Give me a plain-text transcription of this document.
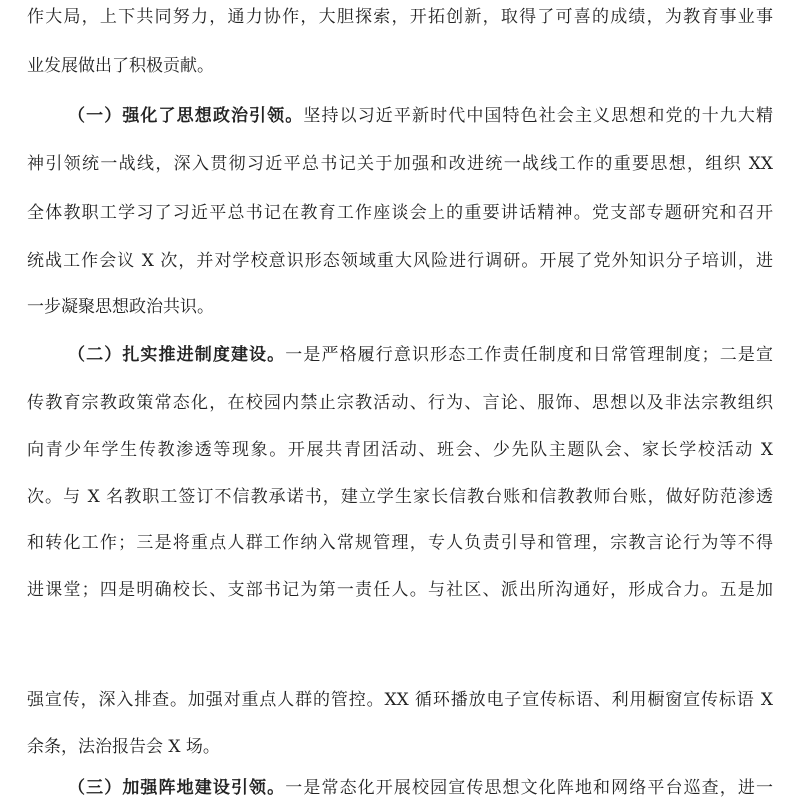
作大局，上下共同努力，通力协作，大胆探索，开拓创新，取得了可喜的成绩，为教育事业事
业发展做出了积极贡献。
（一）强化了思想政治引领。坚持以习近平新时代中国特色社会主义思想和党的十九大精
神引领统一战线，深入贯彻习近平总书记关于加强和改进统一战线工作的重要思想，组织 XX
全体教职工学习了习近平总书记在教育工作座谈会上的重要讲话精神。党支部专题研究和召开
统战工作会议 X 次，并对学校意识形态领域重大风险进行调研。开展了党外知识分子培训，进
一步凝聚思想政治共识。
（二）扎实推进制度建设。一是严格履行意识形态工作责任制度和日常管理制度；二是宣
传教育宗教政策常态化，在校园内禁止宗教活动、行为、言论、服饰、思想以及非法宗教组织
向青少年学生传教渗透等现象。开展共青团活动、班会、少先队主题队会、家长学校活动 X
次。与 X 名教职工签订不信教承诺书，建立学生家长信教台账和信教教师台账，做好防范渗透
和转化工作；三是将重点人群工作纳入常规管理，专人负责引导和管理，宗教言论行为等不得
进课堂；四是明确校长、支部书记为第一责任人。与社区、派出所沟通好，形成合力。五是加
强宣传，深入排查。加强对重点人群的管控。XX 循环播放电子宣传标语、利用橱窗宣传标语 X
余条，法治报告会 X 场。
（三）加强阵地建设引领。一是常态化开展校园宣传思想文化阵地和网络平台巡查，进一
